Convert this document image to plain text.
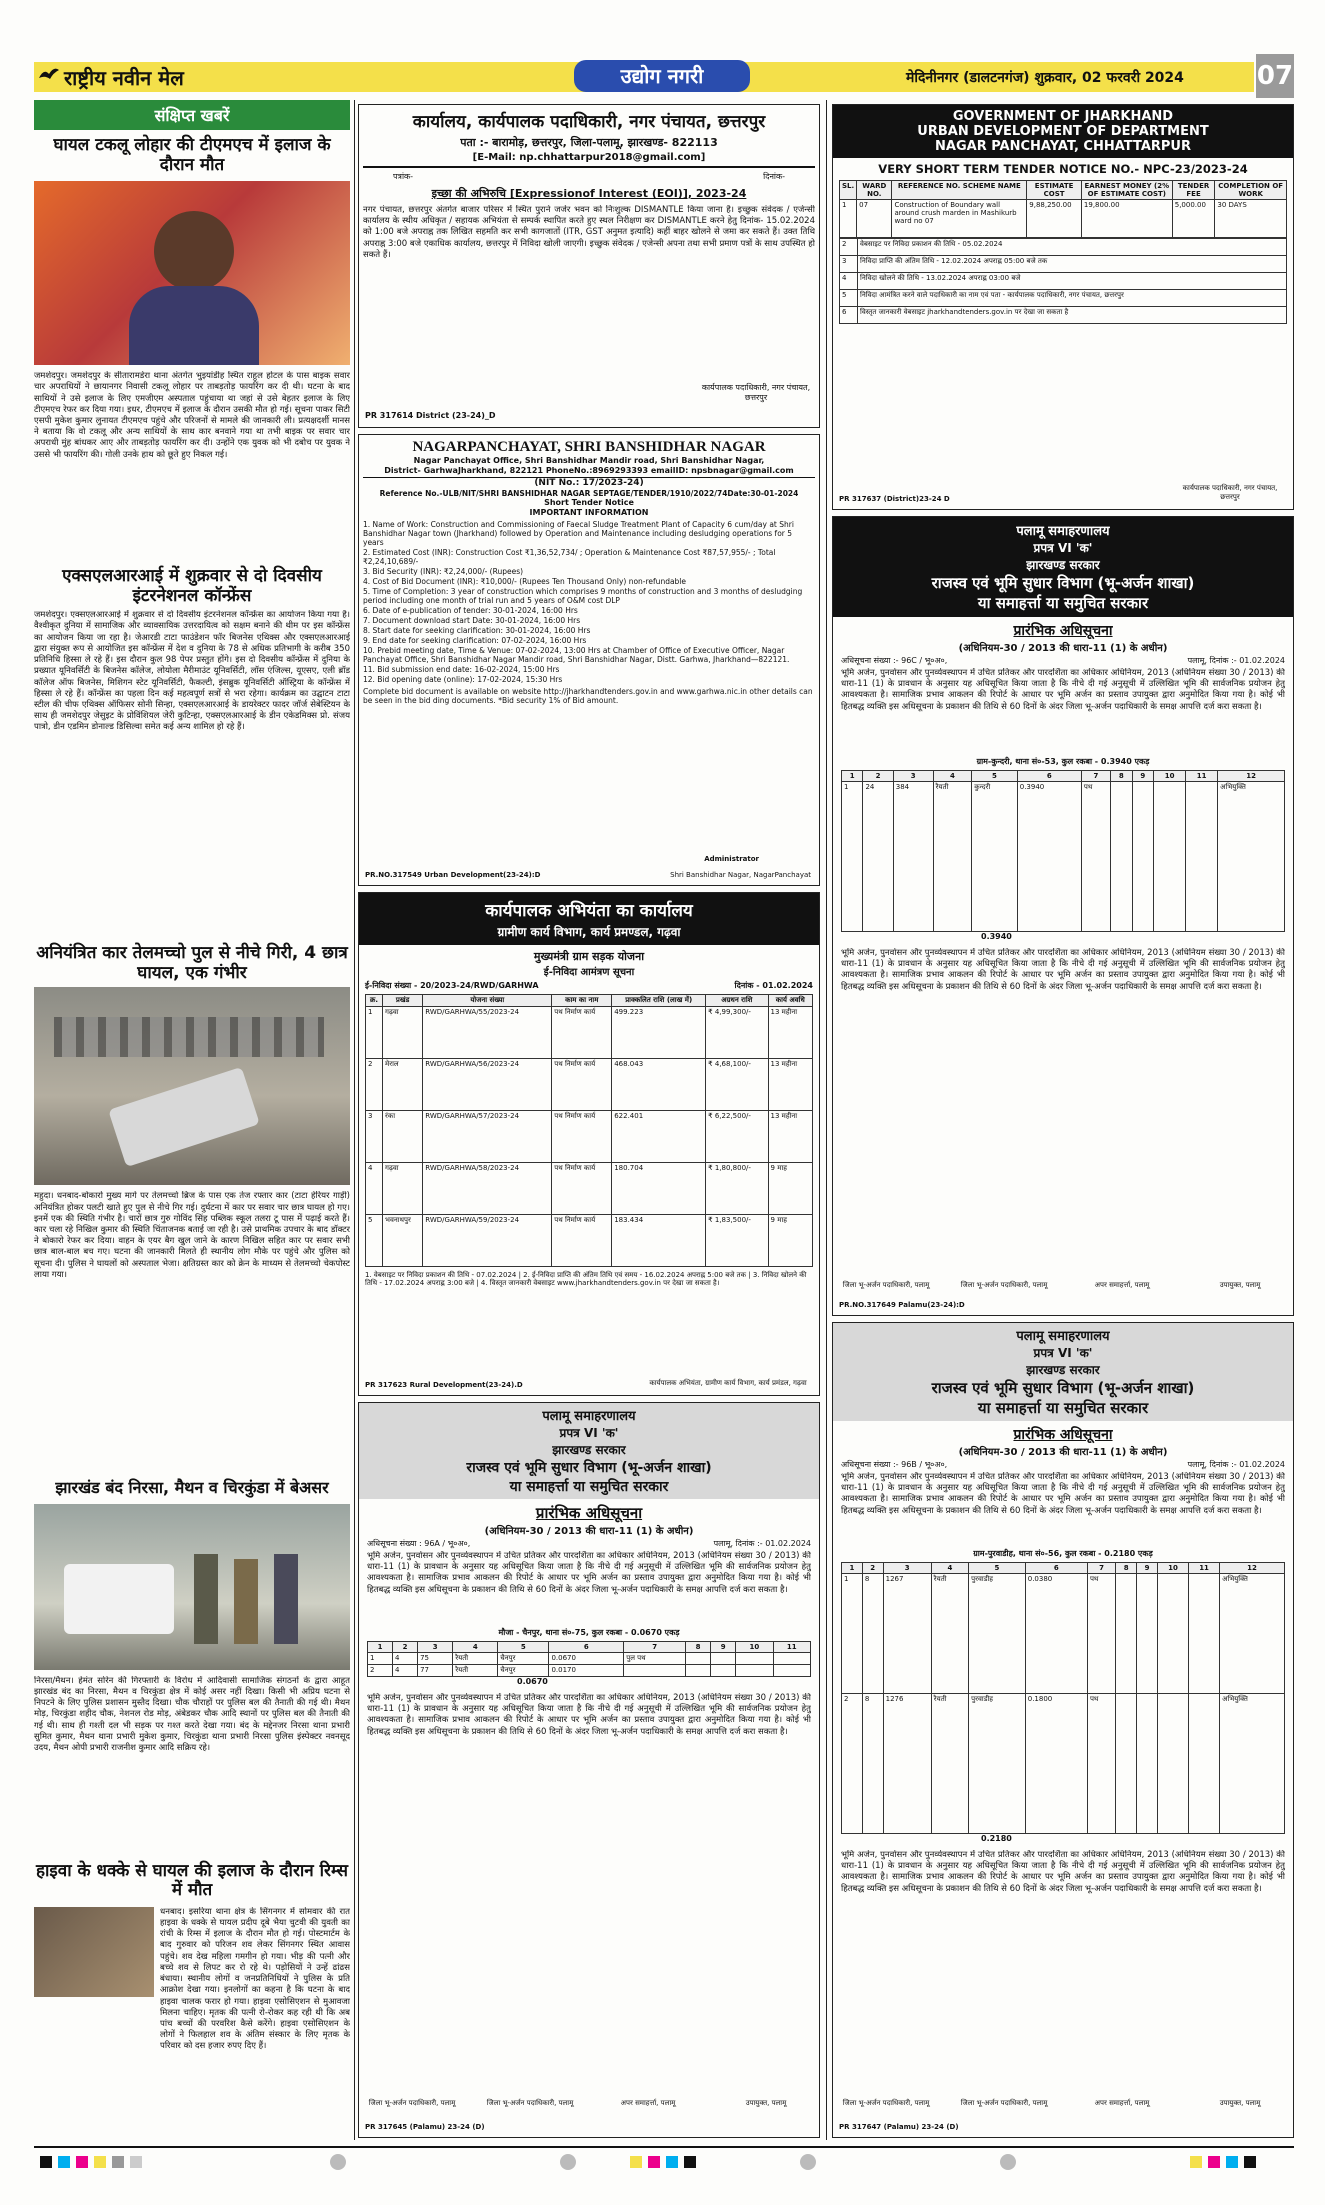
राष्ट्रीय नवीन मेल	उद्योग नगरी	मेदिनीनगर (डालटनगंज) शुक्रवार, 02 फरवरी 2024	07
संक्षिप्त खबरें
घायल टकलू लोहार की टीएमएच में इलाज के दौरान मौत
जमशेदपुर। जमशेदपुर के सीतारामडेरा थाना अंतर्गत भुइयांडीह स्थित राहुल होटल के पास बाइक सवार चार अपराधियों ने छायानगर निवासी टकलू लोहार पर ताबड़तोड़ फायरिंग कर दी थी। घटना के बाद साथियों ने उसे इलाज के लिए एमजीएम अस्पताल पहुंचाया था जहां से उसे बेहतर इलाज के लिए टीएमएच रेफर कर दिया गया। इधर, टीएमएच में इलाज के दौरान उसकी मौत हो गई। सूचना पाकर सिटी एसपी मुकेश कुमार लुनायत टीएमएच पहुंचे और परिजनों से मामले की जानकारी ली। प्रत्यक्षदर्शी मानस ने बताया कि वो टकलू और अन्य साथियों के साथ कार बनवाने गया था तभी बाइक पर सवार चार अपराधी मुंह बांधकर आए और ताबड़तोड़ फायरिंग कर दी। उन्होंने एक युवक को भी दबोच पर युवक ने उससे भी फायरिंग की। गोली उनके हाथ को छूते हुए निकल गई।
एक्सएलआरआई में शुक्रवार से दो दिवसीय इंटरनेशनल कॉन्फ्रेंस
जमशेदपुर। एक्सएलआरआई में शुक्रवार से दो दिवसीय इंटरनेशनल कॉन्फ्रेंस का आयोजन किया गया है। वैश्वीकृत दुनिया में सामाजिक और व्यावसायिक उत्तरदायित्व को सक्षम बनाने की थीम पर इस कॉन्फ्रेंस का आयोजन किया जा रहा है। जेआरडी टाटा फाउंडेशन फॉर बिजनेस एथिक्स और एक्सएलआरआई द्वारा संयुक्त रूप से आयोजित इस कॉन्फ्रेंस में देश व दुनिया के 78 से अधिक प्रतिभागी के करीब 350 प्रतिनिधि हिस्सा ले रहे हैं। इस दौरान कुल 98 पेपर प्रस्तुत होंगे। इस दो दिवसीय कॉन्फ्रेंस में दुनिया के प्रख्यात यूनिवर्सिटी के बिजनेस कॉलेज, लोयोला मैरीमाउंट यूनिवर्सिटी, लॉस एंजिल्स, यूएसए, एली ब्रॉड कॉलेज ऑफ बिजनेस, मिशिगन स्टेट यूनिवर्सिटी, फैकल्टी, इंसब्रुक यूनिवर्सिटी ऑस्ट्रिया के कॉन्फ्रेंस में हिस्सा ले रहे हैं। कॉन्फ्रेंस का पहला दिन कई महत्वपूर्ण सत्रों से भरा रहेगा। कार्यक्रम का उद्घाटन टाटा स्टील की चीफ एथिक्स ऑफिसर सोनी सिन्हा, एक्सएलआरआई के डायरेक्टर फादर जॉर्ज सेबेस्टियन के साथ ही जमशेदपुर जेसुइट के प्रोविंशियल जेरी कुटिन्हा, एक्सएलआरआई के डीन एकेडमिक्स प्रो. संजय पात्रो, डीन एडमिन डोनाल्ड डिसिल्वा समेत कई अन्य शामिल हो रहे हैं।
अनियंत्रित कार तेलमच्चो पुल से नीचे गिरी, 4 छात्र घायल, एक गंभीर
महुदा। धनबाद-बोकारो मुख्य मार्ग पर तेलमच्चो ब्रिज के पास एक तेज रफ्तार कार (टाटा हेरियर गाड़ी) अनियंत्रित होकर पलटी खाते हुए पुल से नीचे गिर गई। दुर्घटना में कार पर सवार चार छात्र घायल हो गए। इनमें एक की स्थिति गंभीर है। चारों छात्र गुरु गोविंद सिंह पब्लिक स्कूल तलरा टू पास में पढ़ाई करते हैं। कार चला रहे निखिल कुमार की स्थिति चिंताजनक बताई जा रही है। उसे प्राथमिक उपचार के बाद डॉक्टर ने बोकारो रेफर कर दिया। वाहन के एयर बैग खुल जाने के कारण निखिल सहित कार पर सवार सभी छात्र बाल-बाल बच गए। घटना की जानकारी मिलते ही स्थानीय लोग मौके पर पहुंचे और पुलिस को सूचना दी। पुलिस ने घायलों को अस्पताल भेजा। क्षतिग्रस्त कार को क्रेन के माध्यम से तेलमच्चो चेकपोस्ट लाया गया।
झारखंड बंद निरसा, मैथन व चिरकुंडा में बेअसर
निरसा/मैथन। हेमंत सोरेन की गिरफ्तारी के विरोध में आदिवासी सामाजिक संगठनों के द्वारा आहूत झारखंड बंद का निरसा, मैथन व चिरकुंडा क्षेत्र में कोई असर नहीं दिखा। किसी भी अप्रिय घटना से निपटने के लिए पुलिस प्रशासन मुस्तैद दिखा। चौक चौराहों पर पुलिस बल की तैनाती की गई थी। मैथन मोड़, चिरकुंडा शहीद चौक, नेशनल रोड मोड़, अंबेडकर चौक आदि स्थानों पर पुलिस बल की तैनाती की गई थी। साथ ही गश्ती दल भी सड़क पर गश्त करते देखा गया। बंद के मद्देनजर निरसा थाना प्रभारी सुमित कुमार, मैथन थाना प्रभारी मुकेश कुमार, चिरकुंडा थाना प्रभारी निरसा पुलिस इंस्पेक्टर नवनसूद उदय, मैथन ओपी प्रभारी राजनीश कुमार आदि सक्रिय रहे।
हाइवा के धक्के से घायल की इलाज के दौरान रिम्स में मौत
धनबाद। इसरिया थाना क्षेत्र के सिंगनगर में सोमवार की रात हाइवा के धक्के से घायल प्रदीप दूबे भैया चुटवी की युवती का रांची के रिम्स में इलाज के दौरान मौत हो गई। पोस्टमार्टम के बाद गुरुवार को परिजन शव लेकर सिंगनगर स्थित आवास पहुंचे। शव देख महिला गमगीन हो गया। भीड़ की पत्नी और बच्चे शव से लिपट कर रो रहे थे। पड़ोसियों ने उन्हें ढांढस बंधाया। स्थानीय लोगों व जनप्रतिनिधियों ने पुलिस के प्रति आक्रोश देखा गया। इनलोगों का कहना है कि घटना के बाद हाइवा चालक फरार हो गया। हाइवा एसोसिएशन से मुआवजा मिलना चाहिए। मृतक की पत्नी रो-रोकर कह रही थी कि अब पांच बच्चों की परवरिश कैसे करेंगे। हाइवा एसोसिएशन के लोगों ने फिलहाल शव के अंतिम संस्कार के लिए मृतक के परिवार को दस हजार रुपए दिए हैं।
कार्यालय, कार्यपालक पदाधिकारी, नगर पंचायत, छत्तरपुर
पता :- बारामोड़, छत्तरपुर, जिला-पलामू, झारखण्ड- 822113
[E-Mail: np.chhattarpur2018@gmail.com]
पत्रांक-	दिनांक-
इच्छा की अभिरुचि [Expressionof Interest (EOI)], 2023-24
नगर पंचायत, छत्तरपुर अंतर्गत बाजार परिसर में स्थित पुराने जर्जर भवन को निःशुल्क DISMANTLE किया जाना है। इच्छुक संवेदक / एजेन्सी कार्यालय के स्थीय अधिकृत / सहायक अभियंता से सम्पर्क स्थापित करते हुए स्थल निरीक्षण कर DISMANTLE करने हेतु दिनांक- 15.02.2024 को 1:00 बजे अपराह्न तक लिखित सहमति कर सभी कागजातों (ITR, GST अनुमत इत्यादि) कहीं बाहर खोलने से जमा कर सकते हैं। उक्त तिथि अपराह्न 3:00 बजे एकाधिक कार्यालय, छत्तरपुर में निविदा खोली जाएगी। इच्छुक संवेदक / एजेन्सी अपना तथा सभी प्रमाण पत्रों के साथ उपस्थित हो सकते हैं।
कार्यपालक पदाधिकारी, नगर पंचायत, छत्तरपुर
PR 317614 District (23-24)_D
NAGARPANCHAYAT, SHRI BANSHIDHAR NAGAR
Nagar Panchayat Office, Shri Banshidhar Mandir road, Shri Banshidhar Nagar,
District- GarhwaJharkhand, 822121 PhoneNo.:8969293393 emailID: npsbnagar@gmail.com
(NIT No.: 17/2023-24)
Reference No.-ULB/NIT/SHRI BANSHIDHAR NAGAR SEPTAGE/TENDER/1910/2022/74Date:30-01-2024
Short Tender Notice
IMPORTANT INFORMATION
1. Name of Work: Construction and Commissioning of Faecal Sludge Treatment Plant of Capacity 6 cum/day at Shri Banshidhar Nagar town (Jharkhand) followed by Operation and Maintenance including desludging operations for 5 years
2. Estimated Cost (INR): Construction Cost ₹1,36,52,734/ ; Operation & Maintenance Cost ₹87,57,955/- ; Total ₹2,24,10,689/-
3. Bid Security (INR): ₹2,24,000/- (Rupees)
4. Cost of Bid Document (INR): ₹10,000/- (Rupees Ten Thousand Only) non-refundable
5. Time of Completion: 3 year of construction which comprises 9 months of construction and 3 months of desludging period including one month of trial run and 5 years of O&M cost DLP
6. Date of e-publication of tender: 30-01-2024, 16:00 Hrs
7. Document download start Date: 30-01-2024, 16:00 Hrs
8. Start date for seeking clarification: 30-01-2024, 16:00 Hrs
9. End date for seeking clarification: 07-02-2024, 16:00 Hrs
10. Prebid meeting date, Time & Venue: 07-02-2024, 13:00 Hrs at Chamber of Office of Executive Officer, Nagar Panchayat Office, Shri Banshidhar Nagar Mandir road, Shri Banshidhar Nagar, Distt. Garhwa, Jharkhand—822121.
11. Bid submission end date: 16-02-2024, 15:00 Hrs
12. Bid opening date (online): 17-02-2024, 15:30 Hrs
Complete bid document is available on website http://jharkhandtenders.gov.in and www.garhwa.nic.in other details can be seen in the bid ding documents. *Bid security 1% of Bid amount.
Administrator
Shri Banshidhar Nagar, NagarPanchayat
PR.NO.317549 Urban Development(23-24):D
कार्यपालक अभियंता का कार्यालय
ग्रामीण कार्य विभाग, कार्य प्रमण्डल, गढ़वा
मुख्यमंत्री ग्राम सड़क योजना
ई-निविदा आमंत्रण सूचना
ई-निविदा संख्या - 20/2023-24/RWD/GARHWA	दिनांक - 01.02.2024
क्र.	प्रखंड	योजना संख्या	काम का नाम	प्राक्कलित राशि (लाख में)	अग्रधन राशि	कार्य अवधि
1	गढ़वा	RWD/GARHWA/55/2023-24	पथ निर्माण कार्य	499.223	₹ 4,99,300/-	13 महीना
2	मेराल	RWD/GARHWA/56/2023-24	पथ निर्माण कार्य	468.043	₹ 4,68,100/-	13 महीना
3	रंका	RWD/GARHWA/57/2023-24	पथ निर्माण कार्य	622.401	₹ 6,22,500/-	13 महीना
4	गढ़वा	RWD/GARHWA/58/2023-24	पथ निर्माण कार्य	180.704	₹ 1,80,800/-	9 माह
5	भवनाथपुर	RWD/GARHWA/59/2023-24	पथ निर्माण कार्य	183.434	₹ 1,83,500/-	9 माह
1. वेबसाइट पर निविदा प्रकाशन की तिथि - 07.02.2024 | 2. ई-निविदा प्राप्ति की अंतिम तिथि एवं समय - 16.02.2024 अपराह्न 5:00 बजे तक | 3. निविदा खोलने की तिथि - 17.02.2024 अपराह्न 3:00 बजे | 4. विस्तृत जानकारी वेबसाइट www.jharkhandtenders.gov.in पर देखा जा सकता है।
कार्यपालक अभियंता, ग्रामीण कार्य विभाग, कार्य प्रमंडल, गढ़वा
PR 317623 Rural Development(23-24).D
पलामू समाहरणालय
प्रपत्र VI 'क'
झारखण्ड सरकार
राजस्व एवं भूमि सुधार विभाग (भू-अर्जन शाखा)
या समाहर्त्ता या समुचित सरकार
प्रारंभिक अधिसूचना
(अधिनियम-30 / 2013 की धारा-11 (1) के अधीन)
अधिसूचना संख्या : 96A / भू०अ०,	पलामू, दिनांक :- 01.02.2024
भूमि अर्जन, पुनर्वासन और पुनर्व्यवस्थापन में उचित प्रतिकर और पारदर्शिता का अधिकार अधिनियम, 2013 (अधिनियम संख्या 30 / 2013) की धारा-11 (1) के प्रावधान के अनुसार यह अधिसूचित किया जाता है कि नीचे दी गई अनुसूची में उल्लिखित भूमि की सार्वजनिक प्रयोजन हेतु आवश्यकता है। सामाजिक प्रभाव आकलन की रिपोर्ट के आधार पर भूमि अर्जन का प्रस्ताव उपायुक्त द्वारा अनुमोदित किया गया है। कोई भी हितबद्ध व्यक्ति इस अधिसूचना के प्रकाशन की तिथि से 60 दिनों के अंदर जिला भू-अर्जन पदाधिकारी के समक्ष आपत्ति दर्ज करा सकता है।
मौजा - चैनपुर, थाना सं०-75, कुल रकबा - 0.0670 एकड़
1	2	3	4	5	6	7	8	9	10	11
1	4	75	रैयती	चैनपुर	0.0670	पुल पथ				
2	4	77	रैयती	चैनपुर	0.0170					
0.0670
भूमि अर्जन, पुनर्वासन और पुनर्व्यवस्थापन में उचित प्रतिकर और पारदर्शिता का अधिकार अधिनियम, 2013 (अधिनियम संख्या 30 / 2013) की धारा-11 (1) के प्रावधान के अनुसार यह अधिसूचित किया जाता है कि नीचे दी गई अनुसूची में उल्लिखित भूमि की सार्वजनिक प्रयोजन हेतु आवश्यकता है। सामाजिक प्रभाव आकलन की रिपोर्ट के आधार पर भूमि अर्जन का प्रस्ताव उपायुक्त द्वारा अनुमोदित किया गया है। कोई भी हितबद्ध व्यक्ति इस अधिसूचना के प्रकाशन की तिथि से 60 दिनों के अंदर जिला भू-अर्जन पदाधिकारी के समक्ष आपत्ति दर्ज करा सकता है।
जिला भू-अर्जन पदाधिकारी, पलामू	जिला भू-अर्जन पदाधिकारी, पलामू	अपर समाहर्त्ता, पलामू	उपायुक्त, पलामू
PR 317645 (Palamu) 23-24 (D)
GOVERNMENT OF JHARKHAND
URBAN DEVELOPMENT OF DEPARTMENT
NAGAR PANCHAYAT, CHHATTARPUR
VERY SHORT TERM TENDER NOTICE NO.- NPC-23/2023-24
SL.	WARD NO.	REFERENCE NO. SCHEME NAME	ESTIMATE COST	EARNEST MONEY (2% OF ESTIMATE COST)	TENDER FEE	COMPLETION OF WORK
1	07	Construction of Boundary wall around crush marden in Mashikurb ward no 07	9,88,250.00	19,800.00	5,000.00	30 DAYS
2	वेबसाइट पर निविदा प्रकाशन की तिथि - 05.02.2024
3	निविदा प्राप्ति की अंतिम तिथि - 12.02.2024 अपराह्न 05:00 बजे तक
4	निविदा खोलने की तिथि - 13.02.2024 अपराह्न 03:00 बजे
5	निविदा आमंत्रित करने वाले पदाधिकारी का नाम एवं पता - कार्यपालक पदाधिकारी, नगर पंचायत, छत्तरपुर
6	विस्तृत जानकारी वेबसाइट jharkhandtenders.gov.in पर देखा जा सकता है
कार्यपालक पदाधिकारी, नगर पंचायत, छत्तरपुर
PR 317637 (District)23-24 D
पलामू समाहरणालय
प्रपत्र VI 'क'
झारखण्ड सरकार
राजस्व एवं भूमि सुधार विभाग (भू-अर्जन शाखा)
या समाहर्त्ता या समुचित सरकार
प्रारंभिक अधिसूचना
(अधिनियम-30 / 2013 की धारा-11 (1) के अधीन)
अधिसूचना संख्या :- 96C / भू०अ०,	पलामू, दिनांक :- 01.02.2024
भूमि अर्जन, पुनर्वासन और पुनर्व्यवस्थापन में उचित प्रतिकर और पारदर्शिता का अधिकार अधिनियम, 2013 (अधिनियम संख्या 30 / 2013) की धारा-11 (1) के प्रावधान के अनुसार यह अधिसूचित किया जाता है कि नीचे दी गई अनुसूची में उल्लिखित भूमि की सार्वजनिक प्रयोजन हेतु आवश्यकता है। सामाजिक प्रभाव आकलन की रिपोर्ट के आधार पर भूमि अर्जन का प्रस्ताव उपायुक्त द्वारा अनुमोदित किया गया है। कोई भी हितबद्ध व्यक्ति इस अधिसूचना के प्रकाशन की तिथि से 60 दिनों के अंदर जिला भू-अर्जन पदाधिकारी के समक्ष आपत्ति दर्ज करा सकता है।
ग्राम-कुन्दरी, थाना सं०-53, कुल रकबा - 0.3940 एकड़
1	2	3	4	5	6	7	8	9	10	11	12
1	24	384	रैयती	कुन्दरी	0.3940	पथ					अभियुक्ति
0.3940
भूमि अर्जन, पुनर्वासन और पुनर्व्यवस्थापन में उचित प्रतिकर और पारदर्शिता का अधिकार अधिनियम, 2013 (अधिनियम संख्या 30 / 2013) की धारा-11 (1) के प्रावधान के अनुसार यह अधिसूचित किया जाता है कि नीचे दी गई अनुसूची में उल्लिखित भूमि की सार्वजनिक प्रयोजन हेतु आवश्यकता है। सामाजिक प्रभाव आकलन की रिपोर्ट के आधार पर भूमि अर्जन का प्रस्ताव उपायुक्त द्वारा अनुमोदित किया गया है। कोई भी हितबद्ध व्यक्ति इस अधिसूचना के प्रकाशन की तिथि से 60 दिनों के अंदर जिला भू-अर्जन पदाधिकारी के समक्ष आपत्ति दर्ज करा सकता है।
जिला भू-अर्जन पदाधिकारी, पलामू	जिला भू-अर्जन पदाधिकारी, पलामू	अपर समाहर्त्ता, पलामू	उपायुक्त, पलामू
PR.NO.317649 Palamu(23-24):D
पलामू समाहरणालय
प्रपत्र VI 'क'
झारखण्ड सरकार
राजस्व एवं भूमि सुधार विभाग (भू-अर्जन शाखा)
या समाहर्त्ता या समुचित सरकार
प्रारंभिक अधिसूचना
(अधिनियम-30 / 2013 की धारा-11 (1) के अधीन)
अधिसूचना संख्या :- 96B / भू०अ०,	पलामू, दिनांक :- 01.02.2024
भूमि अर्जन, पुनर्वासन और पुनर्व्यवस्थापन में उचित प्रतिकर और पारदर्शिता का अधिकार अधिनियम, 2013 (अधिनियम संख्या 30 / 2013) की धारा-11 (1) के प्रावधान के अनुसार यह अधिसूचित किया जाता है कि नीचे दी गई अनुसूची में उल्लिखित भूमि की सार्वजनिक प्रयोजन हेतु आवश्यकता है। सामाजिक प्रभाव आकलन की रिपोर्ट के आधार पर भूमि अर्जन का प्रस्ताव उपायुक्त द्वारा अनुमोदित किया गया है। कोई भी हितबद्ध व्यक्ति इस अधिसूचना के प्रकाशन की तिथि से 60 दिनों के अंदर जिला भू-अर्जन पदाधिकारी के समक्ष आपत्ति दर्ज करा सकता है।
ग्राम-पुरवाडीह, थाना सं०-56, कुल रकबा - 0.2180 एकड़
1	2	3	4	5	6	7	8	9	10	11	12
1	8	1267	रैयती	पुरवाडीह	0.0380	पथ					अभियुक्ति
2	8	1276	रैयती	पुरवाडीह	0.1800	पथ					अभियुक्ति
0.2180
भूमि अर्जन, पुनर्वासन और पुनर्व्यवस्थापन में उचित प्रतिकर और पारदर्शिता का अधिकार अधिनियम, 2013 (अधिनियम संख्या 30 / 2013) की धारा-11 (1) के प्रावधान के अनुसार यह अधिसूचित किया जाता है कि नीचे दी गई अनुसूची में उल्लिखित भूमि की सार्वजनिक प्रयोजन हेतु आवश्यकता है। सामाजिक प्रभाव आकलन की रिपोर्ट के आधार पर भूमि अर्जन का प्रस्ताव उपायुक्त द्वारा अनुमोदित किया गया है। कोई भी हितबद्ध व्यक्ति इस अधिसूचना के प्रकाशन की तिथि से 60 दिनों के अंदर जिला भू-अर्जन पदाधिकारी के समक्ष आपत्ति दर्ज करा सकता है।
जिला भू-अर्जन पदाधिकारी, पलामू	जिला भू-अर्जन पदाधिकारी, पलामू	अपर समाहर्त्ता, पलामू	उपायुक्त, पलामू
PR 317647 (Palamu) 23-24 (D)
